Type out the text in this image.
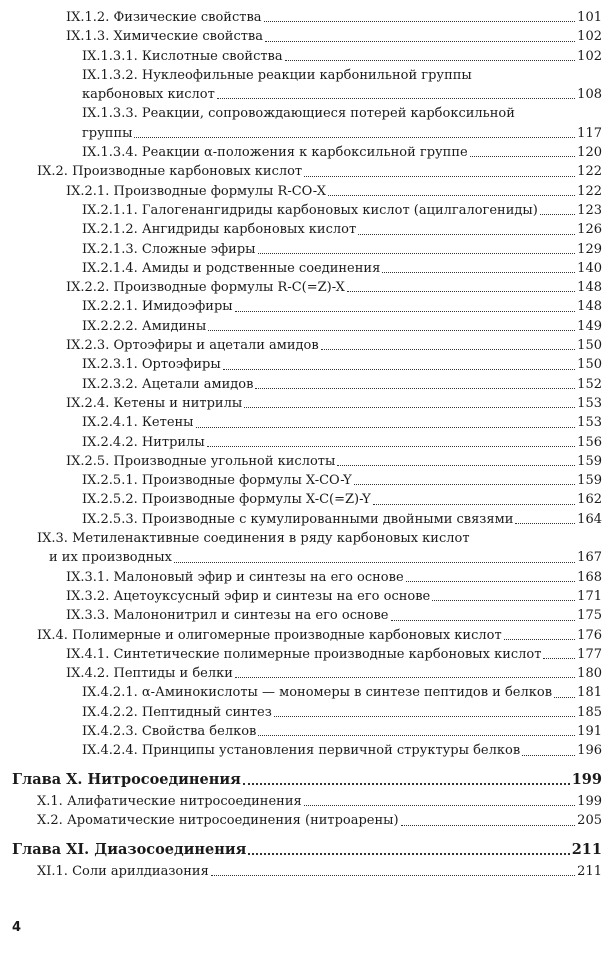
IX.1.2. Физические свойства	101
IX.1.3. Химические свойства	102
IX.1.3.1. Кислотные свойства	102
IX.1.3.2. Нуклеофильные реакции карбонильной группы
карбоновых кислот	108
IX.1.3.3. Реакции, сопровождающиеся потерей карбоксильной
группы	117
IX.1.3.4. Реакции α-положения к карбоксильной группе	120
IX.2. Производные карбоновых кислот	122
IX.2.1. Производные формулы R-CO-X	122
IX.2.1.1. Галогенангидриды карбоновых кислот (ацилгалогениды)	123
IX.2.1.2. Ангидриды карбоновых кислот	126
IX.2.1.3. Сложные эфиры	129
IX.2.1.4. Амиды и родственные соединения	140
IX.2.2. Производные формулы R-C(=Z)-X	148
IX.2.2.1. Имидоэфиры	148
IX.2.2.2. Амидины	149
IX.2.3. Ортоэфиры и ацетали амидов	150
IX.2.3.1. Ортоэфиры	150
IX.2.3.2. Ацетали амидов	152
IX.2.4. Кетены и нитрилы	153
IX.2.4.1. Кетены	153
IX.2.4.2. Нитрилы	156
IX.2.5. Производные угольной кислоты	159
IX.2.5.1. Производные формулы X-CO-Y	159
IX.2.5.2. Производные формулы X-C(=Z)-Y	162
IX.2.5.3. Производные с кумулированными двойными связями	164
IX.3. Метиленактивные соединения в ряду карбоновых кислот
и их производных	167
IX.3.1. Малоновый эфир и синтезы на его основе	168
IX.3.2. Ацетоуксусный эфир и синтезы на его основе	171
IX.3.3. Малононитрил и синтезы на его основе	175
IX.4. Полимерные и олигомерные производные карбоновых кислот	176
IX.4.1. Синтетические полимерные производные карбоновых кислот	177
IX.4.2. Пептиды и белки	180
IX.4.2.1. α-Аминокислоты — мономеры в синтезе пептидов и белков 181
IX.4.2.2. Пептидный синтез	185
IX.4.2.3. Свойства белков	191
IX.4.2.4. Принципы установления первичной структуры белков	196
Глава X. Нитросоединения	199
X.1. Алифатические нитросоединения	199
X.2. Ароматические нитросоединения (нитроарены)	205
Глава XI. Диазосоединения	211
XI.1. Соли арилдиазония	211
4
